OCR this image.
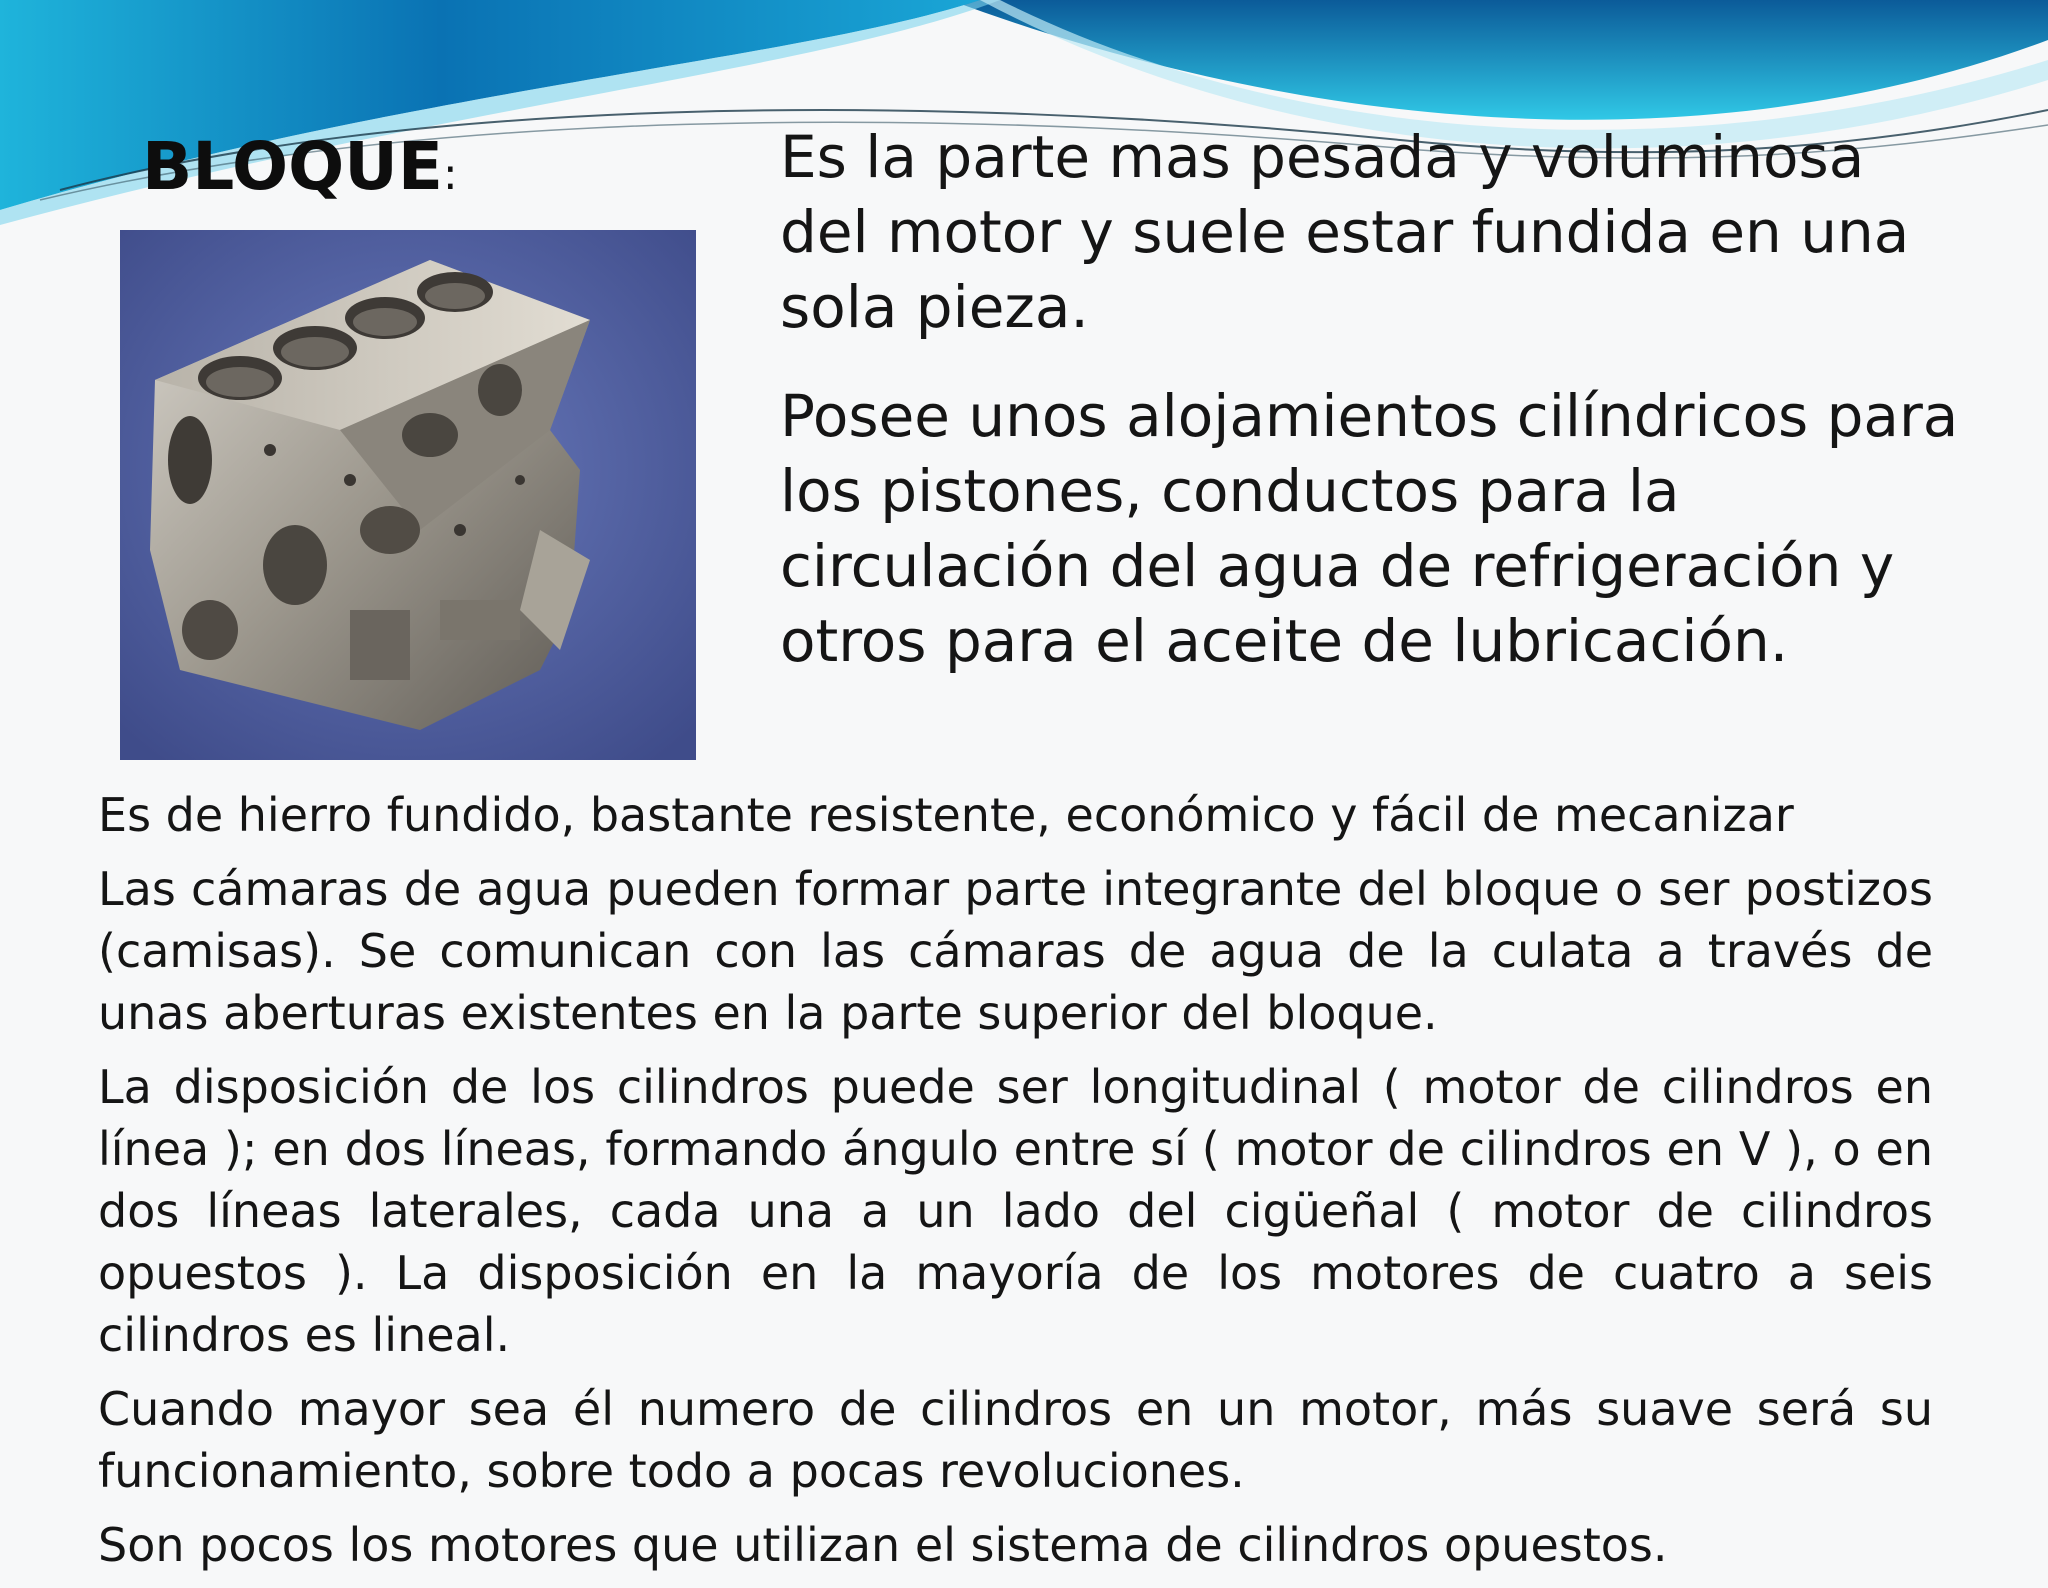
BLOQUE:	Es la parte mas pesada y voluminosa del motor y suele estar fundida en una sola pieza.

Posee unos alojamientos cilíndricos para los pistones, conductos para la circulación del agua de refrigeración y otros para el aceite de lubricación.

Es de hierro fundido, bastante resistente, económico y fácil de mecanizar

Las cámaras de agua pueden formar parte integrante del bloque o ser postizos (camisas). Se comunican con las cámaras de agua de la culata a través de unas aberturas existentes en la parte superior del bloque.

La disposición de los cilindros puede ser longitudinal ( motor de cilindros en línea ); en dos líneas, formando ángulo entre sí ( motor de cilindros en V ), o en dos líneas laterales, cada una a un lado del cigüeñal ( motor de cilindros opuestos ). La disposición en la mayoría de los motores de cuatro a seis cilindros es lineal.

Cuando mayor sea él numero de cilindros en un motor, más suave será su funcionamiento, sobre todo a pocas revoluciones.

Son pocos los motores que utilizan el sistema de cilindros opuestos.
